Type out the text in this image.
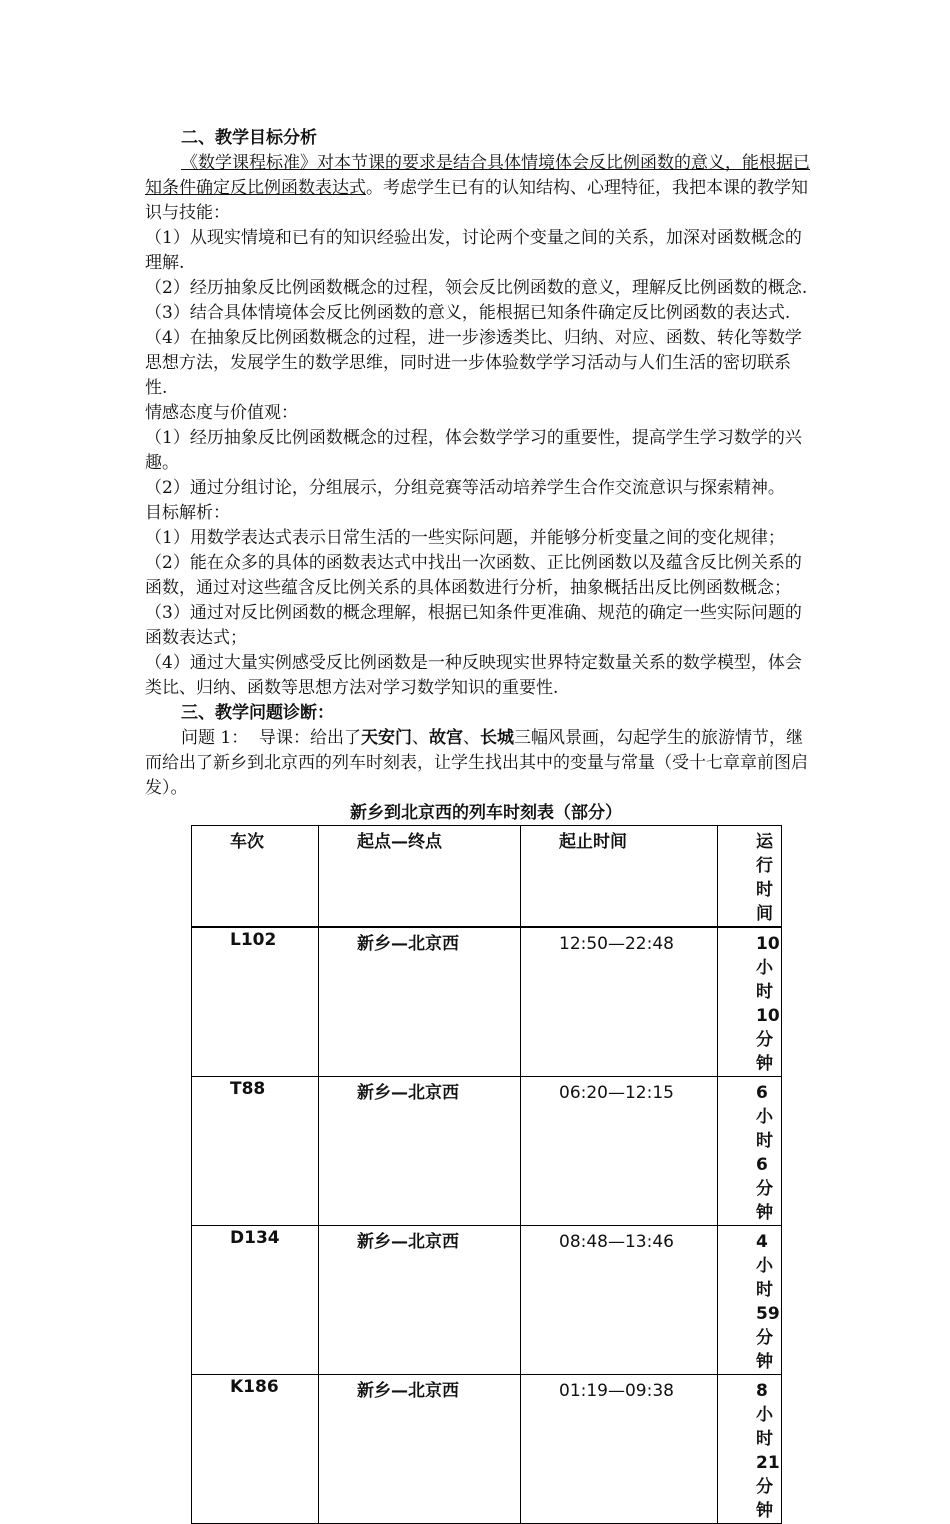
二、教学目标分析

《数学课程标准》对本节课的要求是结合具体情境体会反比例函数的意义，能根据已知条件确定反比例函数表达式。考虑学生已有的认知结构、心理特征，我把本课的教学知识与技能：

（1）从现实情境和已有的知识经验出发，讨论两个变量之间的关系，加深对函数概念的理解.

（2）经历抽象反比例函数概念的过程，领会反比例函数的意义，理解反比例函数的概念.

（3）结合具体情境体会反比例函数的意义，能根据已知条件确定反比例函数的表达式.

（4）在抽象反比例函数概念的过程，进一步渗透类比、归纳、对应、函数、转化等数学思想方法，发展学生的数学思维，同时进一步体验数学学习活动与人们生活的密切联系性.

情感态度与价值观：

（1）经历抽象反比例函数概念的过程，体会数学学习的重要性，提高学生学习数学的兴趣。

（2）通过分组讨论，分组展示，分组竞赛等活动培养学生合作交流意识与探索精神。

目标解析：

（1）用数学表达式表示日常生活的一些实际问题，并能够分析变量之间的变化规律；

（2）能在众多的具体的函数表达式中找出一次函数、正比例函数以及蕴含反比例关系的函数，通过对这些蕴含反比例关系的具体函数进行分析，抽象概括出反比例函数概念；

（3）通过对反比例函数的概念理解，根据已知条件更准确、规范的确定一些实际问题的函数表达式；

（4）通过大量实例感受反比例函数是一种反映现实世界特定数量关系的数学模型，体会类比、归纳、函数等思想方法对学习数学知识的重要性.

三、教学问题诊断：

问题 1： 导课：给出了天安门、故宫、长城三幅风景画，勾起学生的旅游情节，继而给出了新乡到北京西的列车时刻表，让学生找出其中的变量与常量（受十七章章前图启发）。

新乡到北京西的列车时刻表（部分）

车次	起点—终点	起止时间	运行时间

L102	新乡—北京西	12:50—22:48	10 小时 10 分钟

T88	新乡—北京西	06:20—12:15	6 小时 6 分钟

D134	新乡—北京西	08:48—13:46	4 小时 59 分钟

K186	新乡—北京西	01:19—09:38	8 小时 21 分钟
